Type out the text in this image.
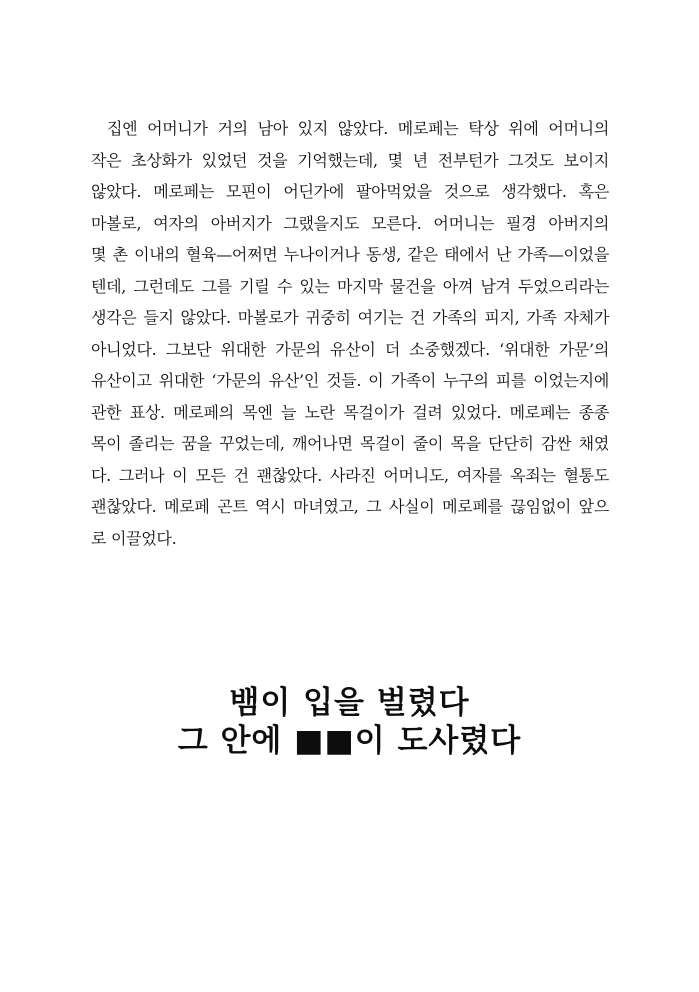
집엔 어머니가 거의 남아 있지 않았다. 메로페는 탁상 위에 어머니의
작은 초상화가 있었던 것을 기억했는데, 몇 년 전부턴가 그것도 보이지
않았다. 메로페는 모핀이 어딘가에 팔아먹었을 것으로 생각했다. 혹은
마볼로, 여자의 아버지가 그랬을지도 모른다. 어머니는 필경 아버지의
몇 촌 이내의 혈육—어쩌면 누나이거나 동생, 같은 태에서 난 가족—이었을
텐데, 그런데도 그를 기릴 수 있는 마지막 물건을 아껴 남겨 두었으리라는
생각은 들지 않았다. 마볼로가 귀중히 여기는 건 가족의 피지, 가족 자체가
아니었다. 그보단 위대한 가문의 유산이 더 소중했겠다. ‘위대한 가문’의
유산이고 위대한 ‘가문의 유산’인 것들. 이 가족이 누구의 피를 이었는지에
관한 표상. 메로페의 목엔 늘 노란 목걸이가 걸려 있었다. 메로페는 종종
목이 졸리는 꿈을 꾸었는데, 깨어나면 목걸이 줄이 목을 단단히 감싼 채였
다. 그러나 이 모든 건 괜찮았다. 사라진 어머니도, 여자를 옥죄는 혈통도
괜찮았다. 메로페 곤트 역시 마녀였고, 그 사실이 메로페를 끊임없이 앞으
로 이끌었다.
뱀이 입을 벌렸다
그 안에 ■■이 도사렸다
